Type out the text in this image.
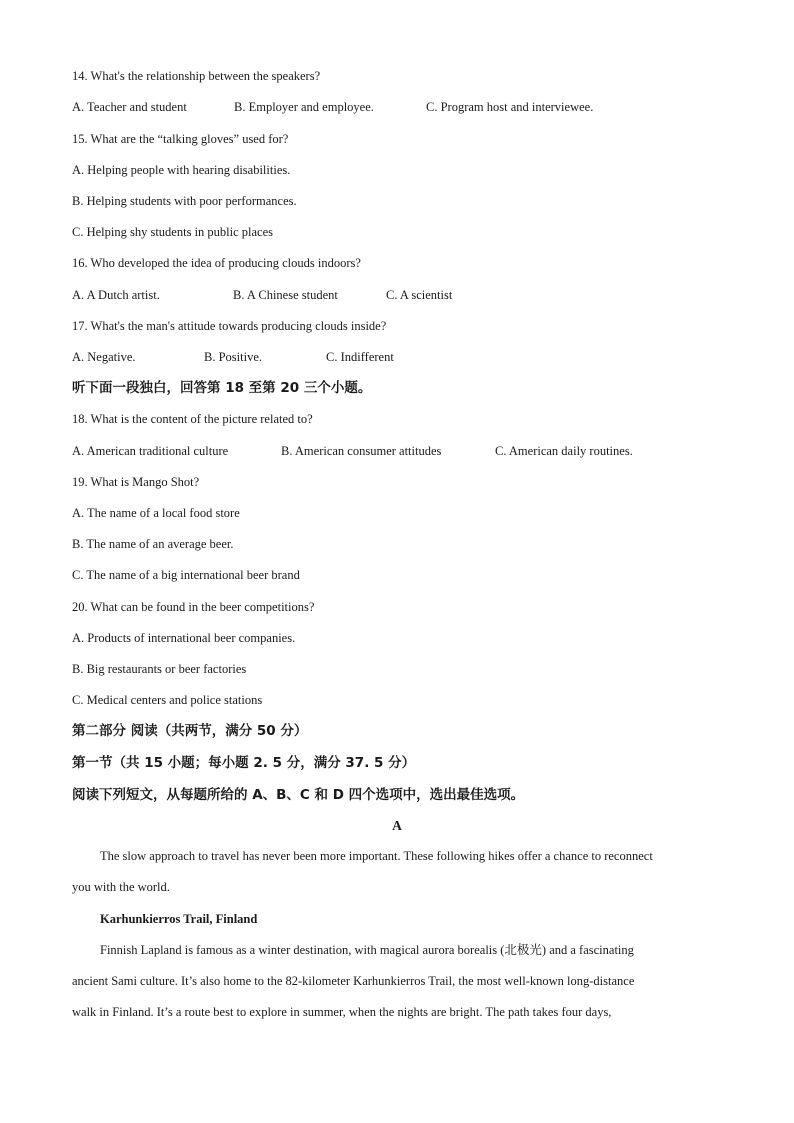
14. What's the relationship between the speakers?
A. Teacher and student	B. Employer and employee.	C. Program host and interviewee.
15. What are the “talking gloves” used for?
A. Helping people with hearing disabilities.
B. Helping students with poor performances.
C. Helping shy students in public places
16. Who developed the idea of producing clouds indoors?
A. A Dutch artist.	B. A Chinese student	C. A scientist
17. What's the man's attitude towards producing clouds inside?
A. Negative.	B. Positive.	C. Indifferent
听下面一段独白，回答第 18 至第 20 三个小题。
18. What is the content of the picture related to?
A. American traditional culture	B. American consumer attitudes	C. American daily routines.
19. What is Mango Shot?
A. The name of a local food store
B. The name of an average beer.
C. The name of a big international beer brand
20. What can be found in the beer competitions?
A. Products of international beer companies.
B. Big restaurants or beer factories
C. Medical centers and police stations
第二部分 阅读（共两节，满分 50 分）
第一节（共 15 小题；每小题 2. 5 分，满分 37. 5 分）
阅读下列短文，从每题所给的 A、B、C 和 D 四个选项中，选出最佳选项。
A
The slow approach to travel has never been more important. These following hikes offer a chance to reconnect
you with the world.
Karhunkierros Trail, Finland
Finnish Lapland is famous as a winter destination, with magical aurora borealis (北极光) and a fascinating
ancient Sami culture. It’s also home to the 82-kilometer Karhunkierros Trail, the most well-known long-distance
walk in Finland. It’s a route best to explore in summer, when the nights are bright. The path takes four days,
